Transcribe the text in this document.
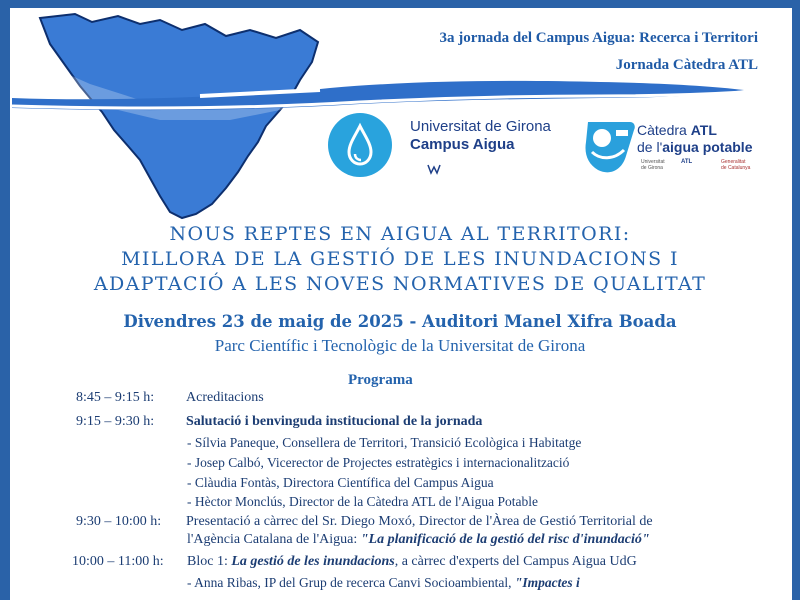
3a jornada del Campus Aigua: Recerca i Territori
Jornada Càtedra ATL
Universitat de Girona
Campus Aigua
Càtedra ATL
de l'aigua potable
Universitat de Girona
ATL	Generalitat de Catalunya
NOUS REPTES EN AIGUA AL TERRITORI:
MILLORA DE LA GESTIÓ DE LES INUNDACIONS I
ADAPTACIÓ A LES NOVES NORMATIVES DE QUALITAT
Divendres 23 de maig de 2025 - Auditori Manel Xifra Boada
Parc Científic i Tecnològic de la Universitat de Girona
Programa
8:45 – 9:15 h: Acreditacions
9:15 – 9:30 h: Salutació i benvinguda institucional de la jornada
- Sílvia Paneque, Consellera de Territori, Transició Ecològica i Habitatge
- Josep Calbó, Vicerector de Projectes estratègics i internacionalització
- Clàudia Fontàs, Directora Científica del Campus Aigua
- Hèctor Monclús, Director de la Càtedra ATL de l'Aigua Potable
9:30 – 10:00 h: Presentació a càrrec del Sr. Diego Moxó, Director de l'Àrea de Gestió Territorial de
l'Agència Catalana de l'Aigua: "La planificació de la gestió del risc d'inundació"
10:00 – 11:00 h: Bloc 1: La gestió de les inundacions, a càrrec d'experts del Campus Aigua UdG
- Anna Ribas, IP del Grup de recerca Canvi Socioambiental, "Impactes i
